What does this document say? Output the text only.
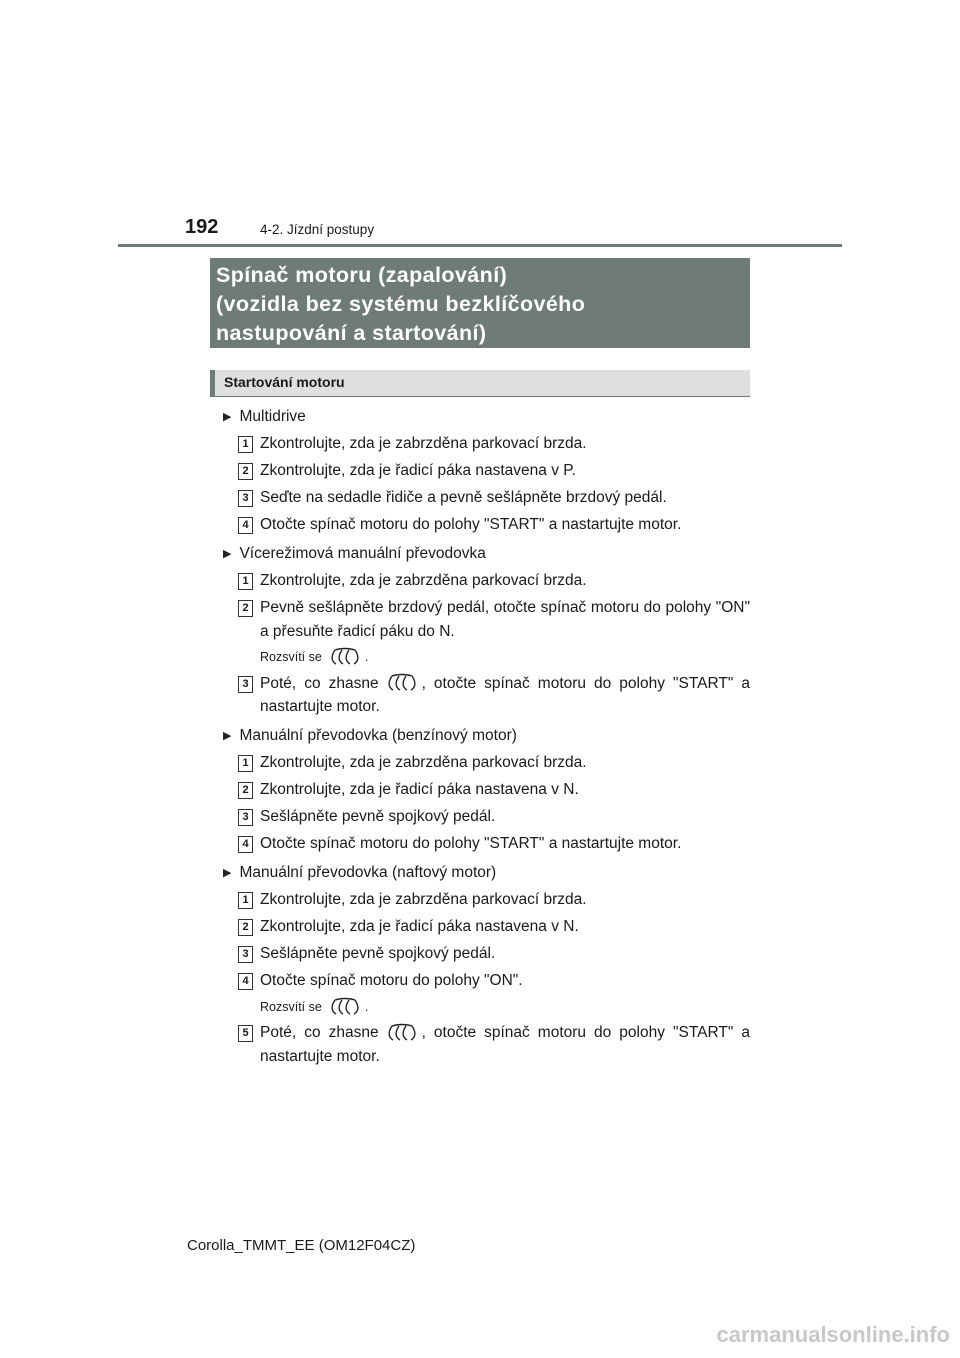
192	4-2. Jízdní postupy
Spínač motoru (zapalování)
(vozidla bez systému bezklíčového
nastupování a startování)
Startování motoru
▶ Multidrive
1 Zkontrolujte, zda je zabrzděna parkovací brzda.
2 Zkontrolujte, zda je řadicí páka nastavena v P.
3 Seďte na sedadle řidiče a pevně sešlápněte brzdový pedál.
4 Otočte spínač motoru do polohy "START" a nastartujte motor.
▶ Vícerežimová manuální převodovka
1 Zkontrolujte, zda je zabrzděna parkovací brzda.
2 Pevně sešlápněte brzdový pedál, otočte spínač motoru do polohy "ON" a přesuňte řadicí páku do N.
Rozsvítí se	.
3 Poté, co zhasne	, otočte spínač motoru do polohy "START" a nastartujte motor.
▶ Manuální převodovka (benzínový motor)
1 Zkontrolujte, zda je zabrzděna parkovací brzda.
2 Zkontrolujte, zda je řadicí páka nastavena v N.
3 Sešlápněte pevně spojkový pedál.
4 Otočte spínač motoru do polohy "START" a nastartujte motor.
▶ Manuální převodovka (naftový motor)
1 Zkontrolujte, zda je zabrzděna parkovací brzda.
2 Zkontrolujte, zda je řadicí páka nastavena v N.
3 Sešlápněte pevně spojkový pedál.
4 Otočte spínač motoru do polohy "ON".
Rozsvítí se	.
5 Poté, co zhasne	, otočte spínač motoru do polohy "START" a nastartujte motor.
Corolla_TMMT_EE (OM12F04CZ)
carmanualsonline.info
